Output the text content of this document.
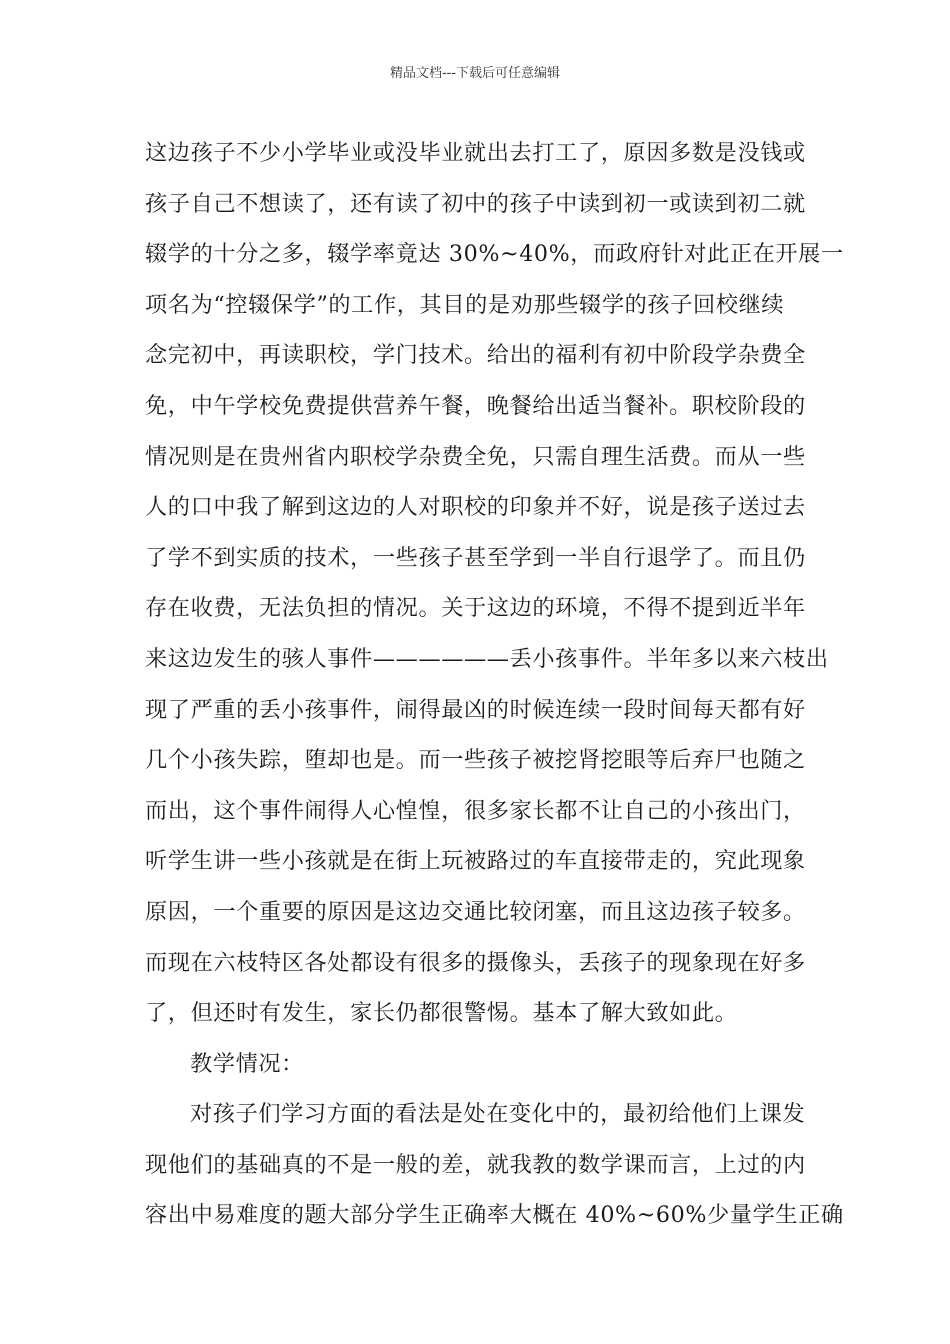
精品文档---下载后可任意编辑
这边孩子不少小学毕业或没毕业就出去打工了，原因多数是没钱或
孩子自己不想读了，还有读了初中的孩子中读到初一或读到初二就
辍学的十分之多，辍学率竟达 30%~40%，而政府针对此正在开展一
项名为“控辍保学”的工作，其目的是劝那些辍学的孩子回校继续
念完初中，再读职校，学门技术。给出的福利有初中阶段学杂费全
免，中午学校免费提供营养午餐，晚餐给出适当餐补。职校阶段的
情况则是在贵州省内职校学杂费全免，只需自理生活费。而从一些
人的口中我了解到这边的人对职校的印象并不好，说是孩子送过去
了学不到实质的技术，一些孩子甚至学到一半自行退学了。而且仍
存在收费，无法负担的情况。关于这边的环境，不得不提到近半年
来这边发生的骇人事件——————丢小孩事件。半年多以来六枝出
现了严重的丢小孩事件，闹得最凶的时候连续一段时间每天都有好
几个小孩失踪，堕却也是。而一些孩子被挖肾挖眼等后弃尸也随之
而出，这个事件闹得人心惶惶，很多家长都不让自己的小孩出门，
听学生讲一些小孩就是在街上玩被路过的车直接带走的，究此现象
原因，一个重要的原因是这边交通比较闭塞，而且这边孩子较多。
而现在六枝特区各处都设有很多的摄像头，丢孩子的现象现在好多
了，但还时有发生，家长仍都很警惕。基本了解大致如此。
教学情况：
对孩子们学习方面的看法是处在变化中的，最初给他们上课发
现他们的基础真的不是一般的差，就我教的数学课而言，上过的内
容出中易难度的题大部分学生正确率大概在 40%~60%少量学生正确
